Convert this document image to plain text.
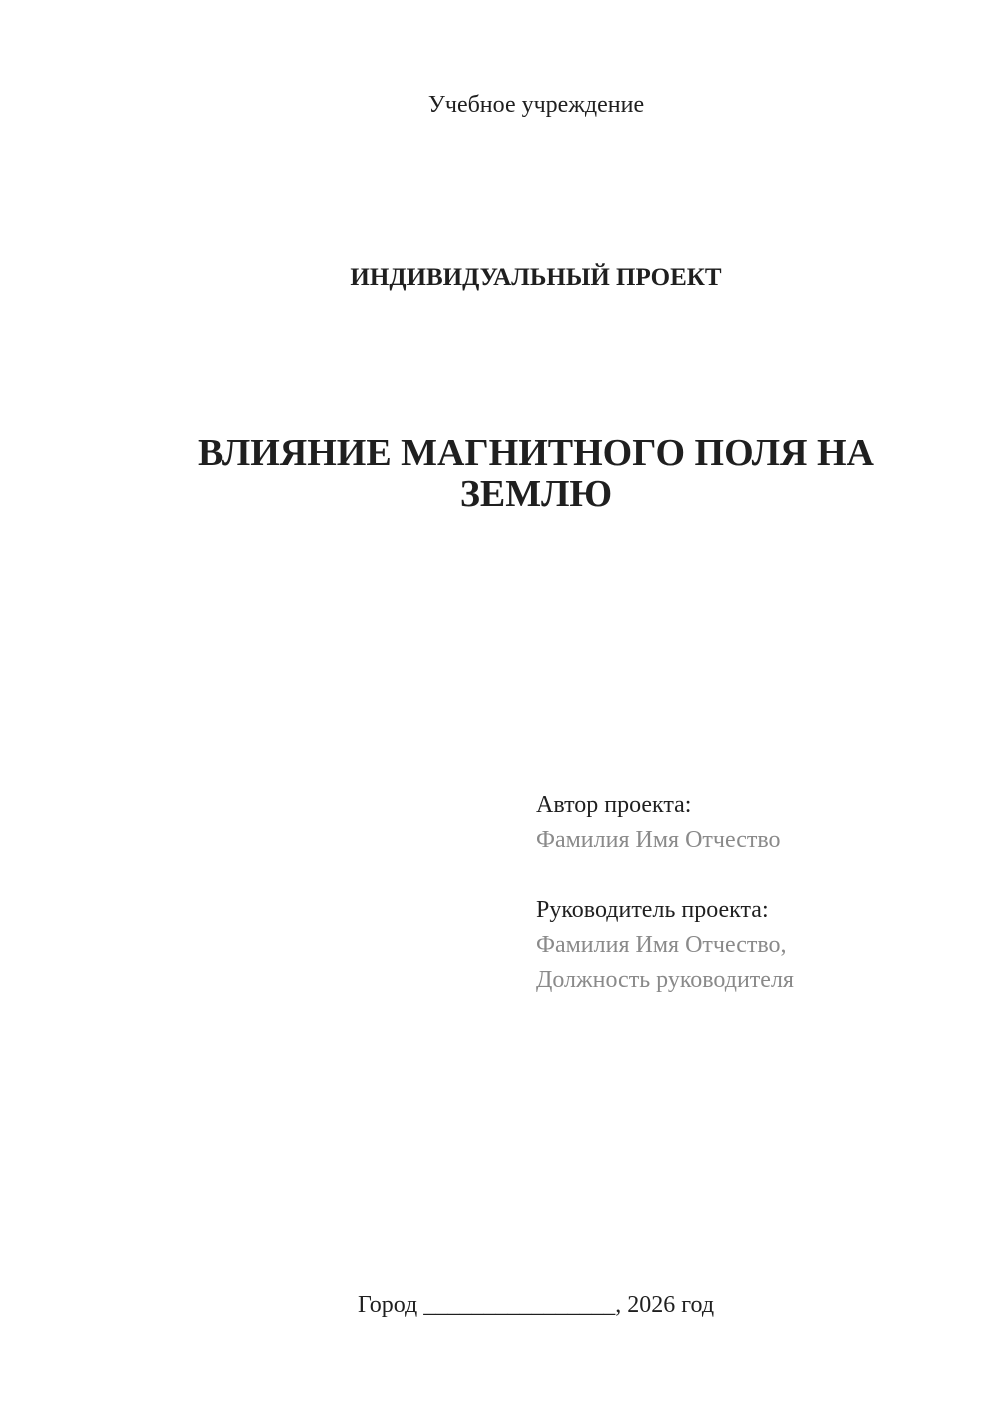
Учебное учреждение
ИНДИВИДУАЛЬНЫЙ ПРОЕКТ
ВЛИЯНИЕ МАГНИТНОГО ПОЛЯ НА ЗЕМЛЮ
Автор проекта:
Фамилия Имя Отчество
Руководитель проекта:
Фамилия Имя Отчество,
Должность руководителя
Город ________________, 2026 год
